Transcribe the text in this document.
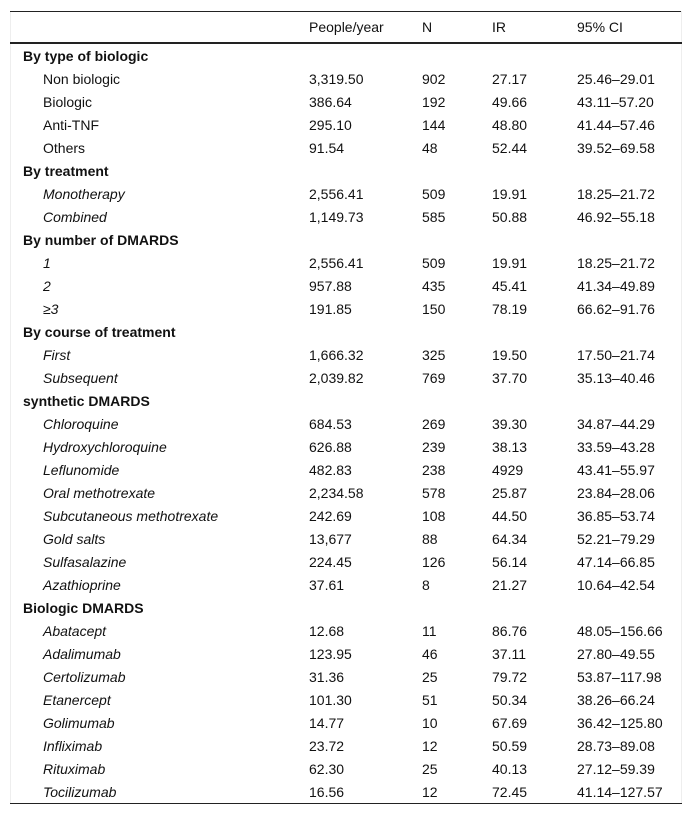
	People/year	N	IR	95% CI
By type of biologic				
Non biologic	3,319.50	902	27.17	25.46–29.01
Biologic	386.64	192	49.66	43.11–57.20
Anti-TNF	295.10	144	48.80	41.44–57.46
Others	91.54	48	52.44	39.52–69.58
By treatment				
Monotherapy	2,556.41	509	19.91	18.25–21.72
Combined	1,149.73	585	50.88	46.92–55.18
By number of DMARDS				
1	2,556.41	509	19.91	18.25–21.72
2	957.88	435	45.41	41.34–49.89
≥3	191.85	150	78.19	66.62–91.76
By course of treatment				
First	1,666.32	325	19.50	17.50–21.74
Subsequent	2,039.82	769	37.70	35.13–40.46
synthetic DMARDS				
Chloroquine	684.53	269	39.30	34.87–44.29
Hydroxychloroquine	626.88	239	38.13	33.59–43.28
Leflunomide	482.83	238	4929	43.41–55.97
Oral methotrexate	2,234.58	578	25.87	23.84–28.06
Subcutaneous methotrexate	242.69	108	44.50	36.85–53.74
Gold salts	13,677	88	64.34	52.21–79.29
Sulfasalazine	224.45	126	56.14	47.14–66.85
Azathioprine	37.61	8	21.27	10.64–42.54
Biologic DMARDS				
Abatacept	12.68	11	86.76	48.05–156.66
Adalimumab	123.95	46	37.11	27.80–49.55
Certolizumab	31.36	25	79.72	53.87–117.98
Etanercept	101.30	51	50.34	38.26–66.24
Golimumab	14.77	10	67.69	36.42–125.80
Infliximab	23.72	12	50.59	28.73–89.08
Rituximab	62.30	25	40.13	27.12–59.39
Tocilizumab	16.56	12	72.45	41.14–127.57
